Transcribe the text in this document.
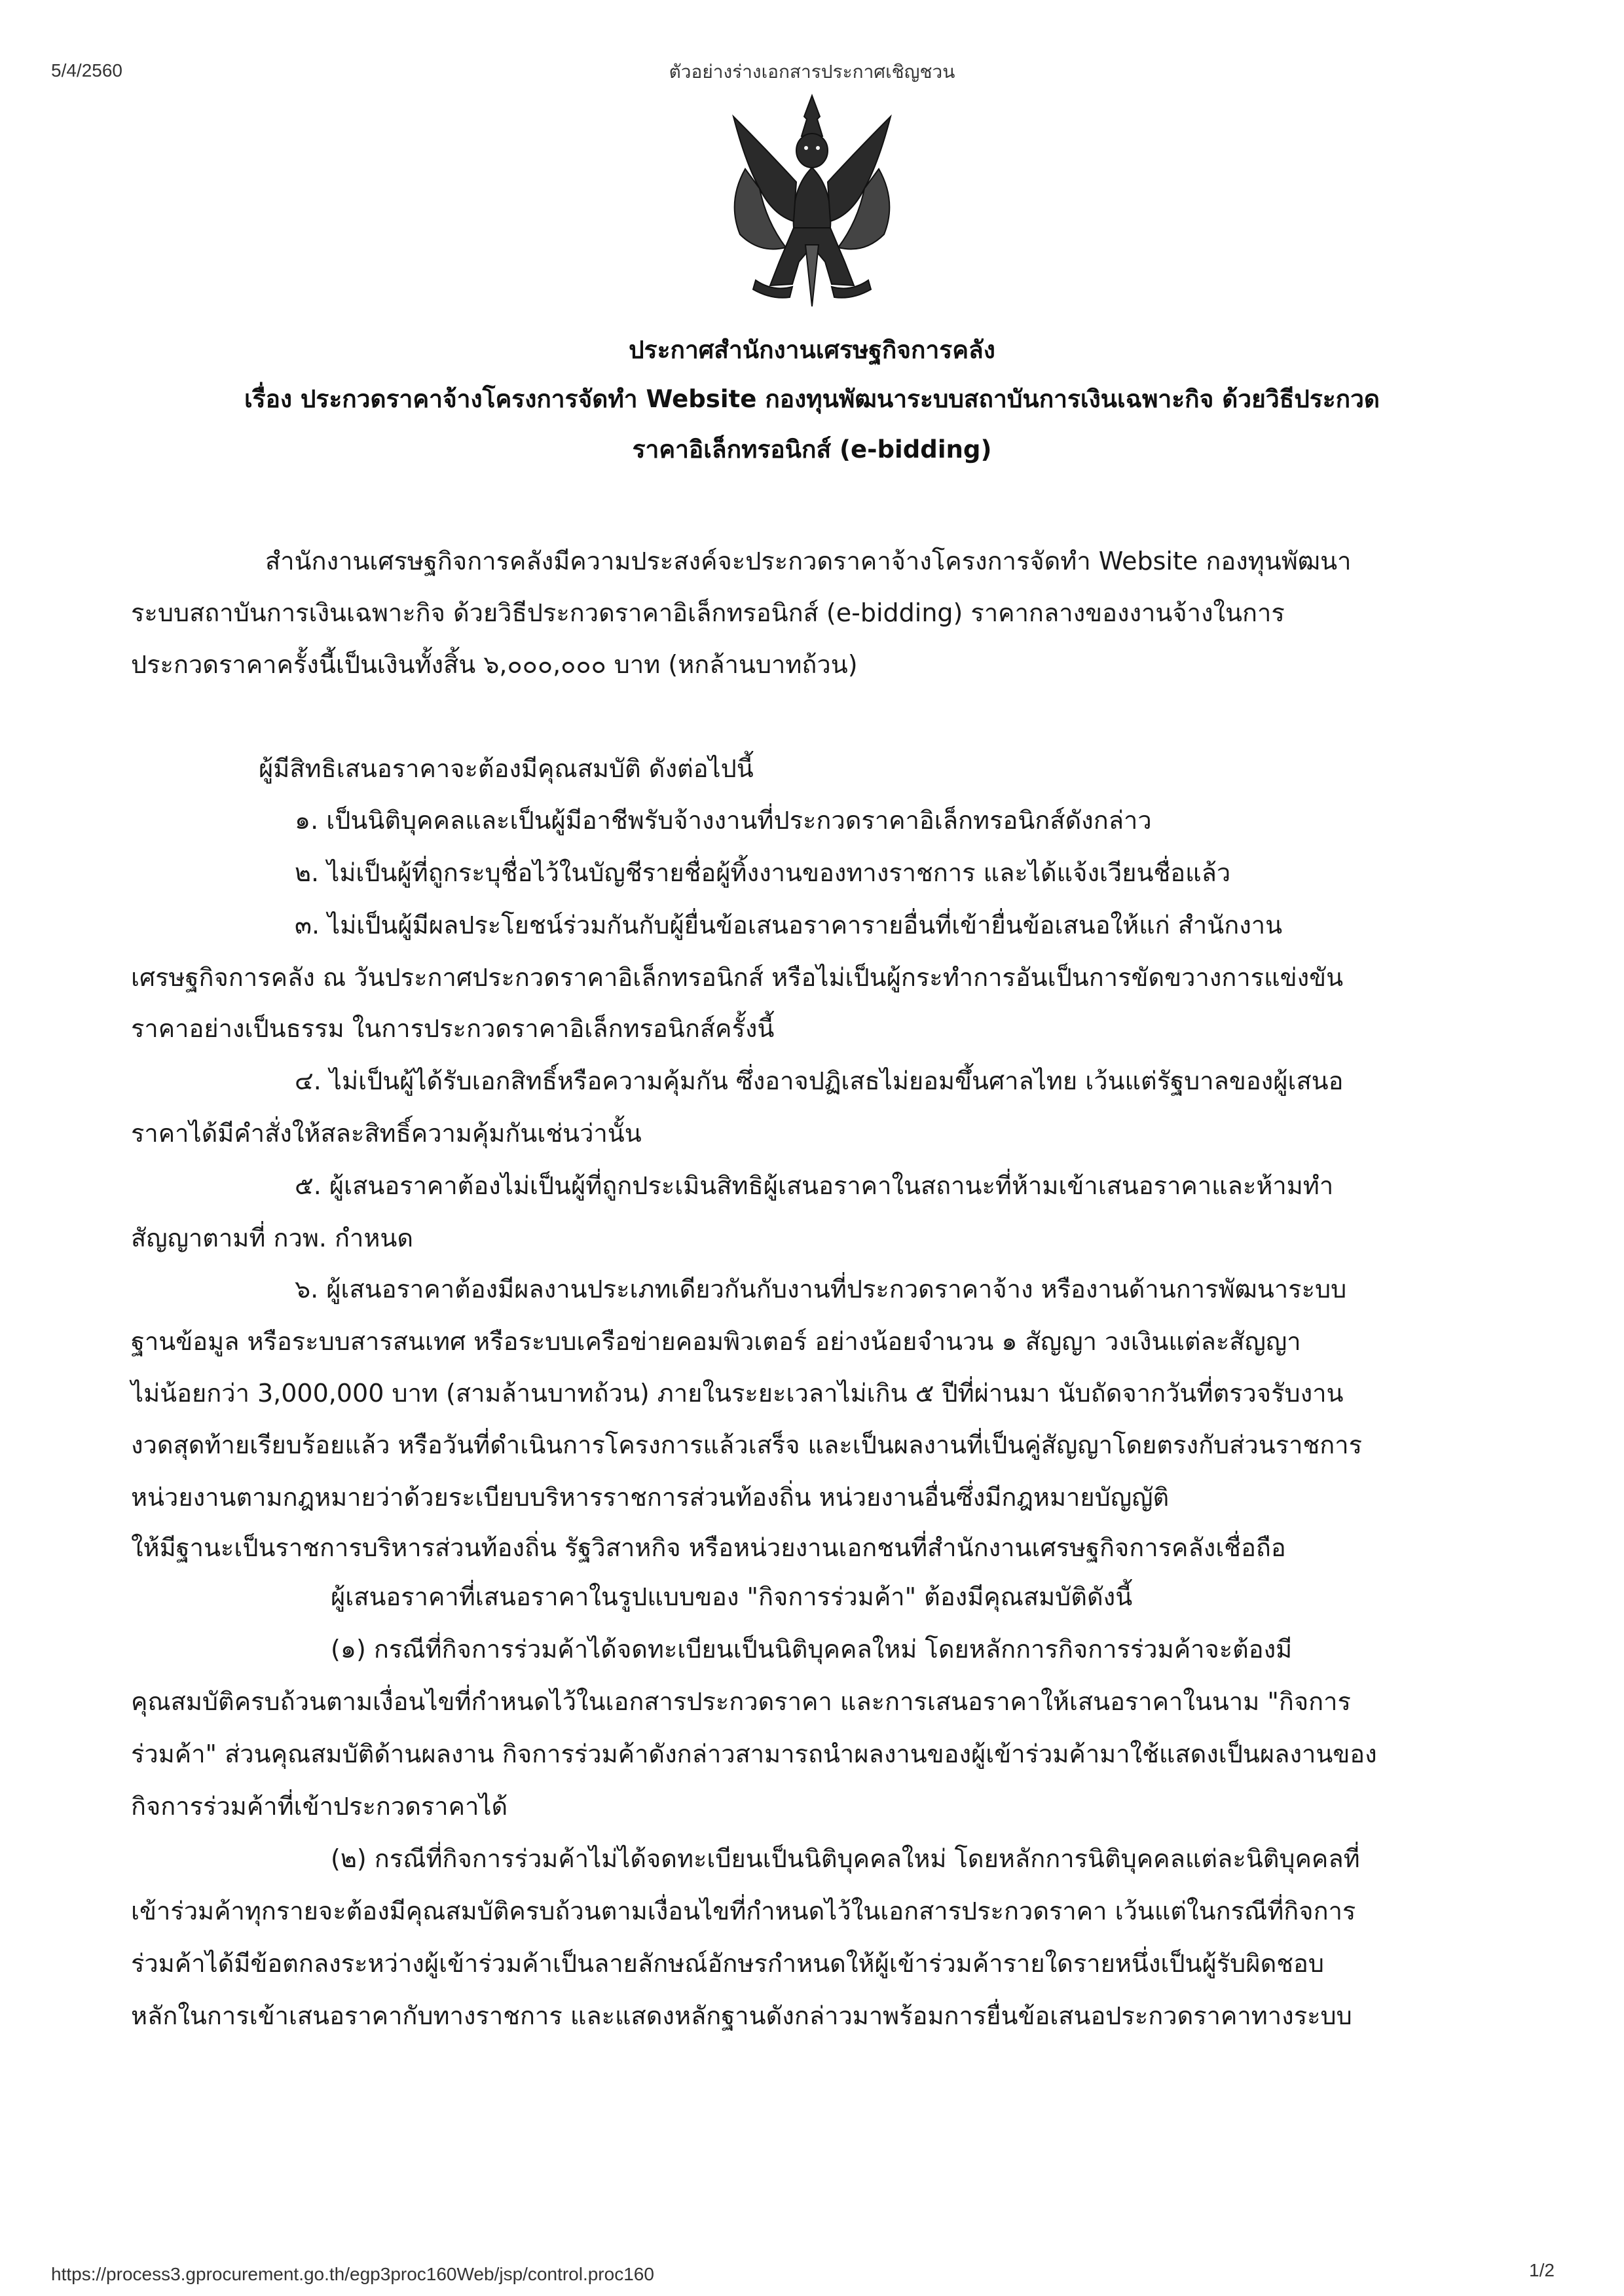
5/4/2560	ตัวอย่างร่างเอกสารประกาศเชิญชวน
ประกาศสำนักงานเศรษฐกิจการคลัง
เรื่อง ประกวดราคาจ้างโครงการจัดทำ Website กองทุนพัฒนาระบบสถาบันการเงินเฉพาะกิจ ด้วยวิธีประกวด
ราคาอิเล็กทรอนิกส์ (e-bidding)
สำนักงานเศรษฐกิจการคลังมีความประสงค์จะประกวดราคาจ้างโครงการจัดทำ Website กองทุนพัฒนา
ระบบสถาบันการเงินเฉพาะกิจ ด้วยวิธีประกวดราคาอิเล็กทรอนิกส์ (e-bidding) ราคากลางของงานจ้างในการ
ประกวดราคาครั้งนี้เป็นเงินทั้งสิ้น ๖,๐๐๐,๐๐๐ บาท (หกล้านบาทถ้วน)
ผู้มีสิทธิเสนอราคาจะต้องมีคุณสมบัติ ดังต่อไปนี้
๑. เป็นนิติบุคคลและเป็นผู้มีอาชีพรับจ้างงานที่ประกวดราคาอิเล็กทรอนิกส์ดังกล่าว
๒. ไม่เป็นผู้ที่ถูกระบุชื่อไว้ในบัญชีรายชื่อผู้ทิ้งงานของทางราชการ และได้แจ้งเวียนชื่อแล้ว
๓. ไม่เป็นผู้มีผลประโยชน์ร่วมกันกับผู้ยื่นข้อเสนอราคารายอื่นที่เข้ายื่นข้อเสนอให้แก่ สำนักงาน
เศรษฐกิจการคลัง ณ วันประกาศประกวดราคาอิเล็กทรอนิกส์ หรือไม่เป็นผู้กระทำการอันเป็นการขัดขวางการแข่งขัน
ราคาอย่างเป็นธรรม ในการประกวดราคาอิเล็กทรอนิกส์ครั้งนี้
๔. ไม่เป็นผู้ได้รับเอกสิทธิ์หรือความคุ้มกัน ซึ่งอาจปฏิเสธไม่ยอมขึ้นศาลไทย เว้นแต่รัฐบาลของผู้เสนอ
ราคาได้มีคำสั่งให้สละสิทธิ์ความคุ้มกันเช่นว่านั้น
๕. ผู้เสนอราคาต้องไม่เป็นผู้ที่ถูกประเมินสิทธิผู้เสนอราคาในสถานะที่ห้ามเข้าเสนอราคาและห้ามทำ
สัญญาตามที่ กวพ. กำหนด
๖. ผู้เสนอราคาต้องมีผลงานประเภทเดียวกันกับงานที่ประกวดราคาจ้าง หรืองานด้านการพัฒนาระบบ
ฐานข้อมูล หรือระบบสารสนเทศ หรือระบบเครือข่ายคอมพิวเตอร์ อย่างน้อยจำนวน ๑ สัญญา วงเงินแต่ละสัญญา
ไม่น้อยกว่า 3,000,000 บาท (สามล้านบาทถ้วน) ภายในระยะเวลาไม่เกิน ๕ ปีที่ผ่านมา นับถัดจากวันที่ตรวจรับงาน
งวดสุดท้ายเรียบร้อยแล้ว หรือวันที่ดำเนินการโครงการแล้วเสร็จ และเป็นผลงานที่เป็นคู่สัญญาโดยตรงกับส่วนราชการ
หน่วยงานตามกฎหมายว่าด้วยระเบียบบริหารราชการส่วนท้องถิ่น หน่วยงานอื่นซึ่งมีกฎหมายบัญญัติ
ให้มีฐานะเป็นราชการบริหารส่วนท้องถิ่น รัฐวิสาหกิจ หรือหน่วยงานเอกชนที่สำนักงานเศรษฐกิจการคลังเชื่อถือ
ผู้เสนอราคาที่เสนอราคาในรูปแบบของ "กิจการร่วมค้า" ต้องมีคุณสมบัติดังนี้
(๑) กรณีที่กิจการร่วมค้าได้จดทะเบียนเป็นนิติบุคคลใหม่ โดยหลักการกิจการร่วมค้าจะต้องมี
คุณสมบัติครบถ้วนตามเงื่อนไขที่กำหนดไว้ในเอกสารประกวดราคา และการเสนอราคาให้เสนอราคาในนาม "กิจการ
ร่วมค้า" ส่วนคุณสมบัติด้านผลงาน กิจการร่วมค้าดังกล่าวสามารถนำผลงานของผู้เข้าร่วมค้ามาใช้แสดงเป็นผลงานของ
กิจการร่วมค้าที่เข้าประกวดราคาได้
(๒) กรณีที่กิจการร่วมค้าไม่ได้จดทะเบียนเป็นนิติบุคคลใหม่ โดยหลักการนิติบุคคลแต่ละนิติบุคคลที่
เข้าร่วมค้าทุกรายจะต้องมีคุณสมบัติครบถ้วนตามเงื่อนไขที่กำหนดไว้ในเอกสารประกวดราคา เว้นแต่ในกรณีที่กิจการ
ร่วมค้าได้มีข้อตกลงระหว่างผู้เข้าร่วมค้าเป็นลายลักษณ์อักษรกำหนดให้ผู้เข้าร่วมค้ารายใดรายหนึ่งเป็นผู้รับผิดชอบ
หลักในการเข้าเสนอราคากับทางราชการ และแสดงหลักฐานดังกล่าวมาพร้อมการยื่นข้อเสนอประกวดราคาทางระบบ
https://process3.gprocurement.go.th/egp3proc160Web/jsp/control.proc160	1/2
